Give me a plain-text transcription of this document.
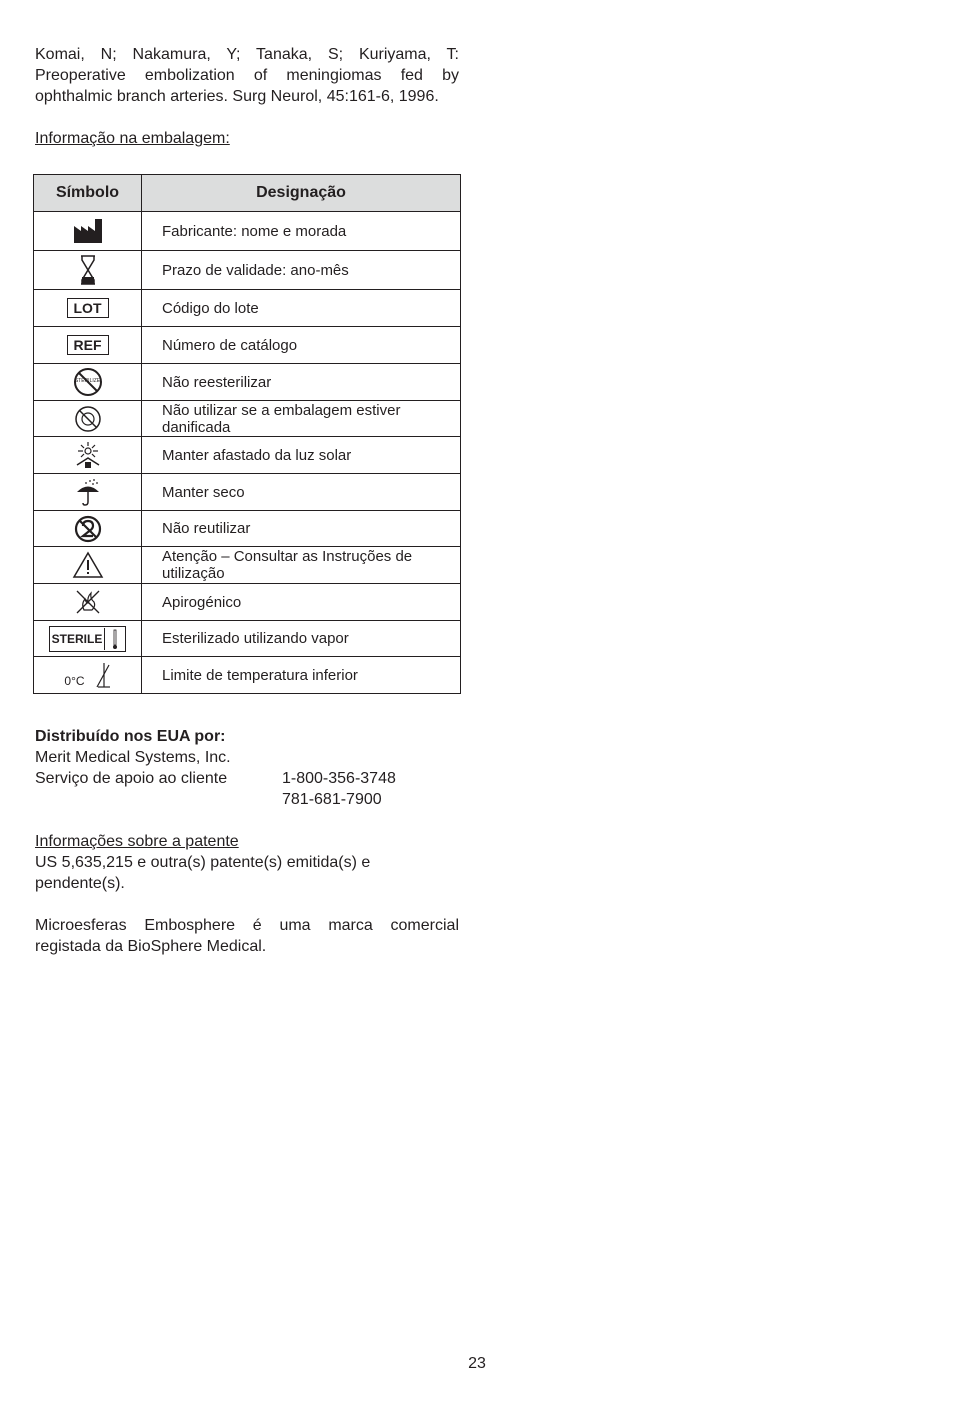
Komai, N; Nakamura, Y; Tanaka, S; Kuriyama, T: Preoperative embolization of meningiomas fed by ophthalmic branch arteries. Surg Neurol, 45:161-6, 1996.

Informação na embalagem:

Símbolo	Designação

	Fabricante: nome e morada

	Prazo de validade: ano-mês
LOT	Código do lote
REF	Número de catálogo

STERILIZE	Não reesterilizar

	Não utilizar se a embalagem estiver danificada

	Manter afastado da luz solar

	Manter seco

	Não reutilizar

	Atenção – Consultar as Instruções de utilização

	Apirogénico

STERILE	Esterilizado utilizando vapor

0°C	Limite de temperatura inferior

Distribuído nos EUA por:

Merit Medical Systems, Inc.

Serviço de apoio ao cliente	1-800-356-3748

781-681-7900

Informações sobre a patente

US 5,635,215 e outra(s) patente(s) emitida(s) e pendente(s).

Microesferas Embosphere é uma marca comercial registada da BioSphere Medical.

23
